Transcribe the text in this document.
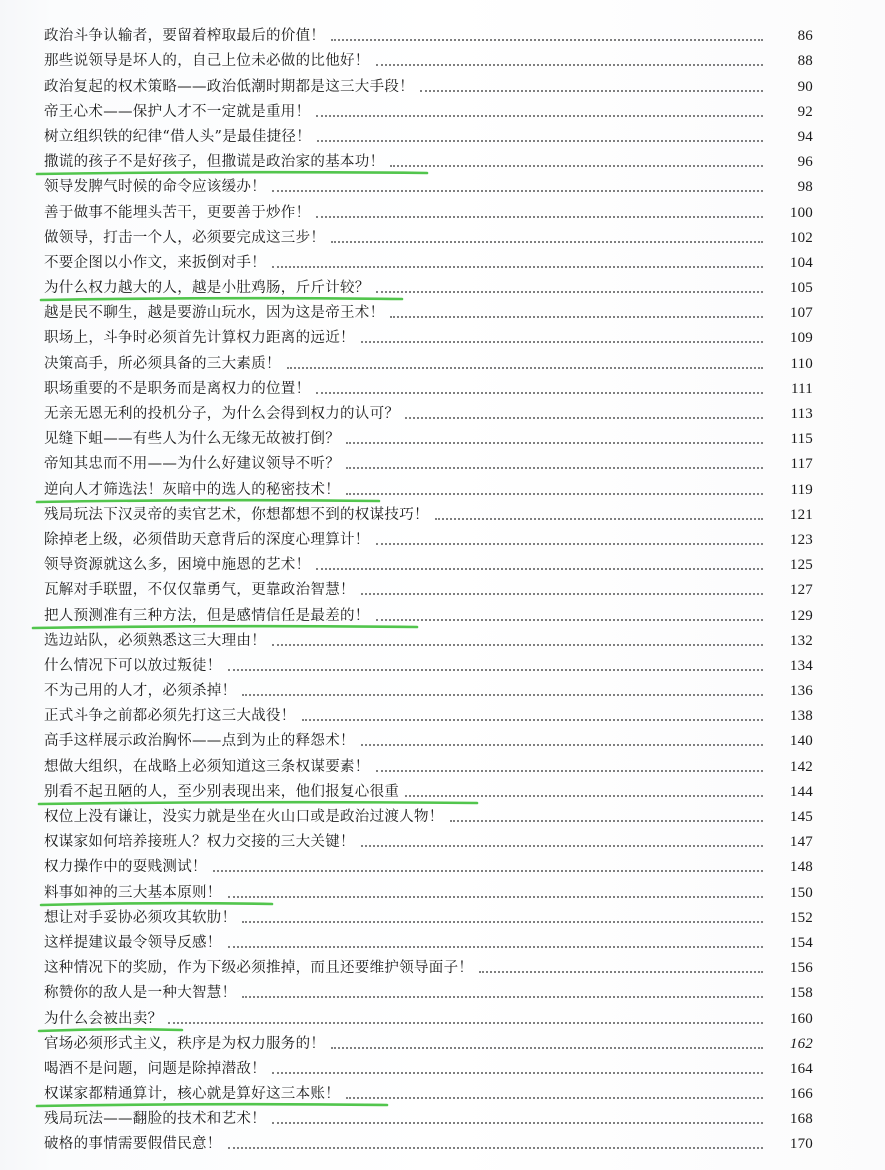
政治斗争认输者，要留着榨取最后的价值！	86
那些说领导是坏人的，自己上位未必做的比他好！	88
政治复起的权术策略——政治低潮时期都是这三大手段！	90
帝王心术——保护人才不一定就是重用！	92
树立组织铁的纪律“借人头”是最佳捷径！	94
撒谎的孩子不是好孩子，但撒谎是政治家的基本功！	96
领导发脾气时候的命令应该缓办！	98
善于做事不能埋头苦干，更要善于炒作！	100
做领导，打击一个人，必须要完成这三步！	102
不要企图以小作文，来扳倒对手！	104
为什么权力越大的人，越是小肚鸡肠，斤斤计较？	105
越是民不聊生，越是要游山玩水，因为这是帝王术！	107
职场上，斗争时必须首先计算权力距离的远近！	109
决策高手，所必须具备的三大素质！	110
职场重要的不是职务而是离权力的位置！	111
无亲无恩无利的投机分子，为什么会得到权力的认可？	113
见缝下蛆——有些人为什么无缘无故被打倒？	115
帝知其忠而不用——为什么好建议领导不听？	117
逆向人才筛选法！灰暗中的选人的秘密技术！	119
残局玩法下汉灵帝的卖官艺术，你想都想不到的权谋技巧！	121
除掉老上级，必须借助天意背后的深度心理算计！	123
领导资源就这么多，困境中施恩的艺术！	125
瓦解对手联盟，不仅仅靠勇气，更靠政治智慧！	127
把人预测准有三种方法，但是感情信任是最差的！	129
选边站队，必须熟悉这三大理由！	132
什么情况下可以放过叛徒！	134
不为己用的人才，必须杀掉！	136
正式斗争之前都必须先打这三大战役！	138
高手这样展示政治胸怀——点到为止的释怨术！	140
想做大组织，在战略上必须知道这三条权谋要素！	142
别看不起丑陋的人，至少别表现出来，他们报复心很重	144
权位上没有谦让，没实力就是坐在火山口或是政治过渡人物！	145
权谋家如何培养接班人？权力交接的三大关键！	147
权力操作中的耍贱测试！	148
料事如神的三大基本原则！	150
想让对手妥协必须攻其软肋！	152
这样提建议最令领导反感！	154
这种情况下的奖励，作为下级必须推掉，而且还要维护领导面子！	156
称赞你的敌人是一种大智慧！	158
为什么会被出卖？	160
官场必须形式主义，秩序是为权力服务的！	162
喝酒不是问题，问题是除掉潜敌！	164
权谋家都精通算计，核心就是算好这三本账！	166
残局玩法——翻脸的技术和艺术！	168
破格的事情需要假借民意！	170
